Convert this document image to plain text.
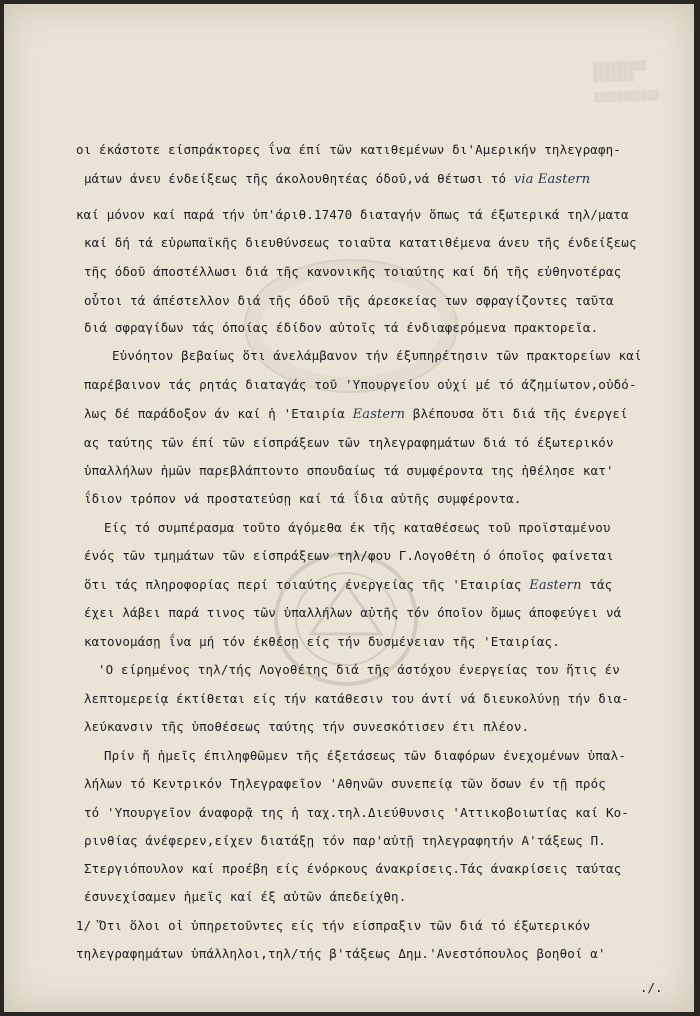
▒▒▒▒▒▒▒▒▒
▒▒▒▒▒▒▒

▒▒▒▒▒▒▒▒▒▒▒
οι έκάστοτε είσπράκτορες ΐνα έπί τῶν κατιθεμένων δι'Αμερικήν τηλεγραφη-
μάτων άνευ ένδείξεως τῆς άκολουθητέας όδοῦ,νά θέτωσι τό via Eastern
καί μόνον καί παρά τήν ὑπ'άριθ.17470 διαταγήν ὅπως τά έξωτερικά τηλ/ματα
καί δή τά εὐρωπαϊκῆς διευθύνσεως τοιαῦτα κατατιθέμενα άνευ τῆς ένδείξεως
τῆς όδοῦ άποστέλλωσι διά τῆς κανονικῆς τοιαύτης καί δή τῆς εὐθηνοτέρας
οὗτοι τά άπέστελλον διά τῆς όδοῦ τῆς άρεσκείας των σφραγίζοντες ταῦτα
διά σφραγίδων τάς όποίας έδίδον αὐτοῖς τά ένδιαφερόμενα πρακτορεῖα.
Εὐνόητον βεβαίως ὅτι άνελάμβανον τήν έξυπηρέτησιν τῶν πρακτορείων καί
παρέβαινον τάς ρητάς διαταγάς τοῦ 'Υπουργείου οὐχί μέ τό άζημίωτον,οὐδό-
λως δέ παράδοξον άν καί ἡ 'Εταιρία Eastern βλέπουσα ὅτι διά τῆς ένεργεί
ας ταύτης τῶν έπί τῶν είσπράξεων τῶν τηλεγραφημάτων διά τό έξωτερικόν
ὑπαλλήλων ἡμῶν παρεβλάπτοντο σπουδαίως τά συμφέροντα της ἠθέλησε κατ'
ΐδιον τρόπον νά προστατεύσῃ καί τά ΐδια αὐτῆς συμφέροντα.
Είς τό συμπέρασμα τοῦτο άγόμεθα έκ τῆς καταθέσεως τοῦ προϊσταμένου
ένός τῶν τμημάτων τῶν είσπράξεων τηλ/φου Γ.Λογοθέτη ό όποῖος φαίνεται
ὅτι τάς πληροφορίας περί τοιαύτης ένεργείας τῆς 'Εταιρίας Eastern τάς
έχει λάβει παρά τινος τῶν ὑπαλλήλων αὐτῆς τόν όποῖον ὅμως άποφεύγει νά
κατονομάσῃ ΐνα μή τόν έκθέσῃ είς τήν δυσμένειαν τῆς 'Εταιρίας.
'Ο είρημένος τηλ/τής Λογοθέτης διά τῆς άστόχου ένεργείας του ἥτις έν
λεπτομερείᾳ έκτίθεται είς τήν κατάθεσιν του άντί νά διευκολύνῃ τήν δια-
λεύκανσιν τῆς ὑποθέσεως ταύτης τήν συνεσκότισεν έτι πλέον.
Πρίν ἤ ἡμεῖς έπιληφθῶμεν τῆς έξετάσεως τῶν διαφόρων ένεχομένων ὑπαλ-
λήλων τό Κεντρικόν Τηλεγραφεῖον 'Αθηνῶν συνεπείᾳ τῶν ὅσων έν τῇ πρός
τό 'Υπουργεῖον άναφορᾷ της ἡ ταχ.τηλ.Διεύθυνσις 'Αττικοβοιωτίας καί Κο-
ρινθίας άνέφερεν,είχεν διατάξῃ τόν παρ'αὐτῇ τηλεγραφητήν Α'τάξεως Π.
Στεργιόπουλον καί προέβη είς ένόρκους άνακρίσεις.Τάς άνακρίσεις ταύτας
έσυνεχίσαμεν ἡμεῖς καί έξ αὐτῶν άπεδείχθη.
1/ Ὅτι ὅλοι οἱ ὑπηρετοῦντες είς τήν είσπραξιν τῶν διά τό έξωτερικόν
τηλεγραφημάτων ὑπάλληλοι,τηλ/τής β'τάξεως Δημ.'Ανεστόπουλος βοηθοί α'
./.
